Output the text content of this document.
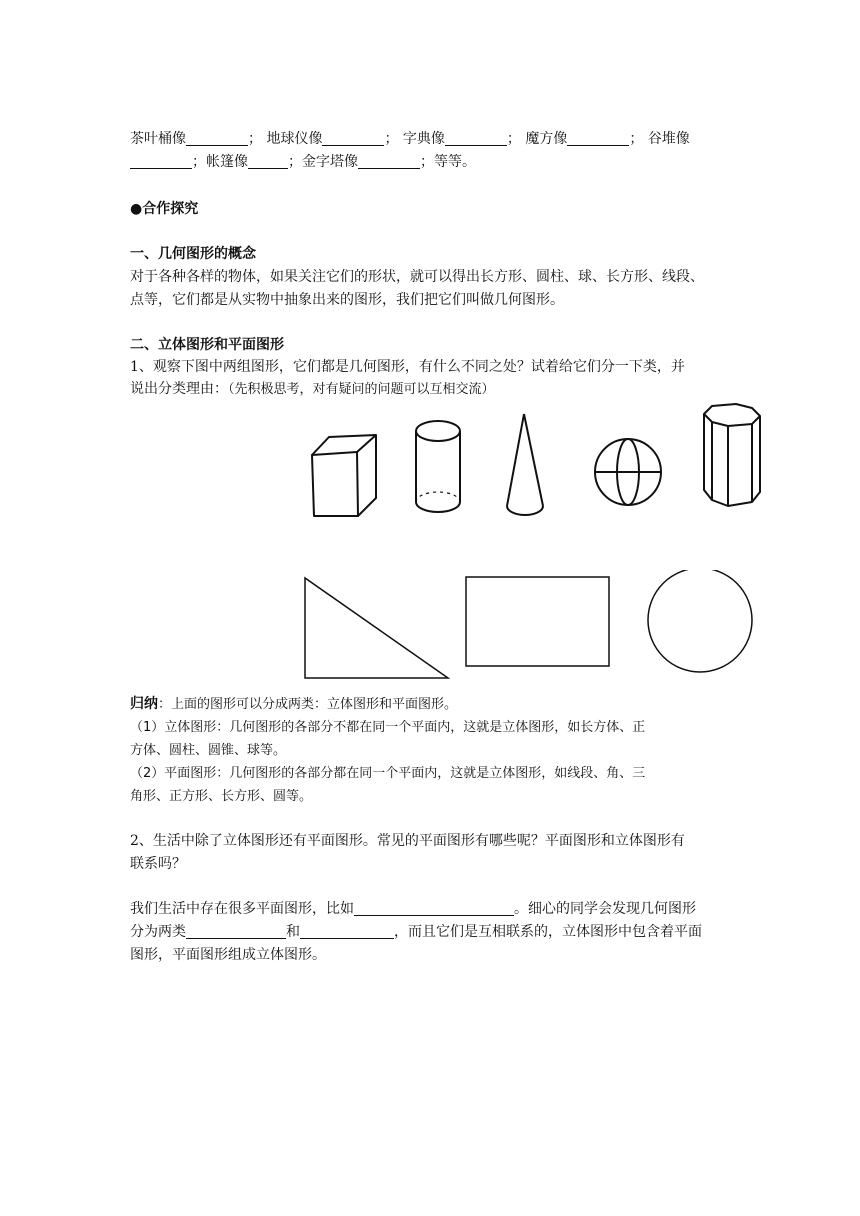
茶叶桶像	； 地球仪像	； 字典像	； 魔方像	； 谷堆像

；帐篷像	；金字塔像	；等等。

●合作探究

一、几何图形的概念

对于各种各样的物体，如果关注它们的形状，就可以得出长方形、圆柱、球、长方形、线段、

点等，它们都是从实物中抽象出来的图形，我们把它们叫做几何图形。

二、立体图形和平面图形

1、观察下图中两组图形，它们都是几何图形，有什么不同之处？试着给它们分一下类，并

说出分类理由：（先积极思考，对有疑问的问题可以互相交流）

归纳：上面的图形可以分成两类：立体图形和平面图形。

（1）立体图形：几何图形的各部分不都在同一个平面内，这就是立体图形，如长方体、正

方体、圆柱、圆锥、球等。

（2）平面图形：几何图形的各部分都在同一个平面内，这就是立体图形，如线段、角、三

角形、正方形、长方形、圆等。

2、生活中除了立体图形还有平面图形。常见的平面图形有哪些呢？平面图形和立体图形有

联系吗？

我们生活中存在很多平面图形，比如	。细心的同学会发现几何图形

分为两类	和	，而且它们是互相联系的，立体图形中包含着平面

图形，平面图形组成立体图形。
